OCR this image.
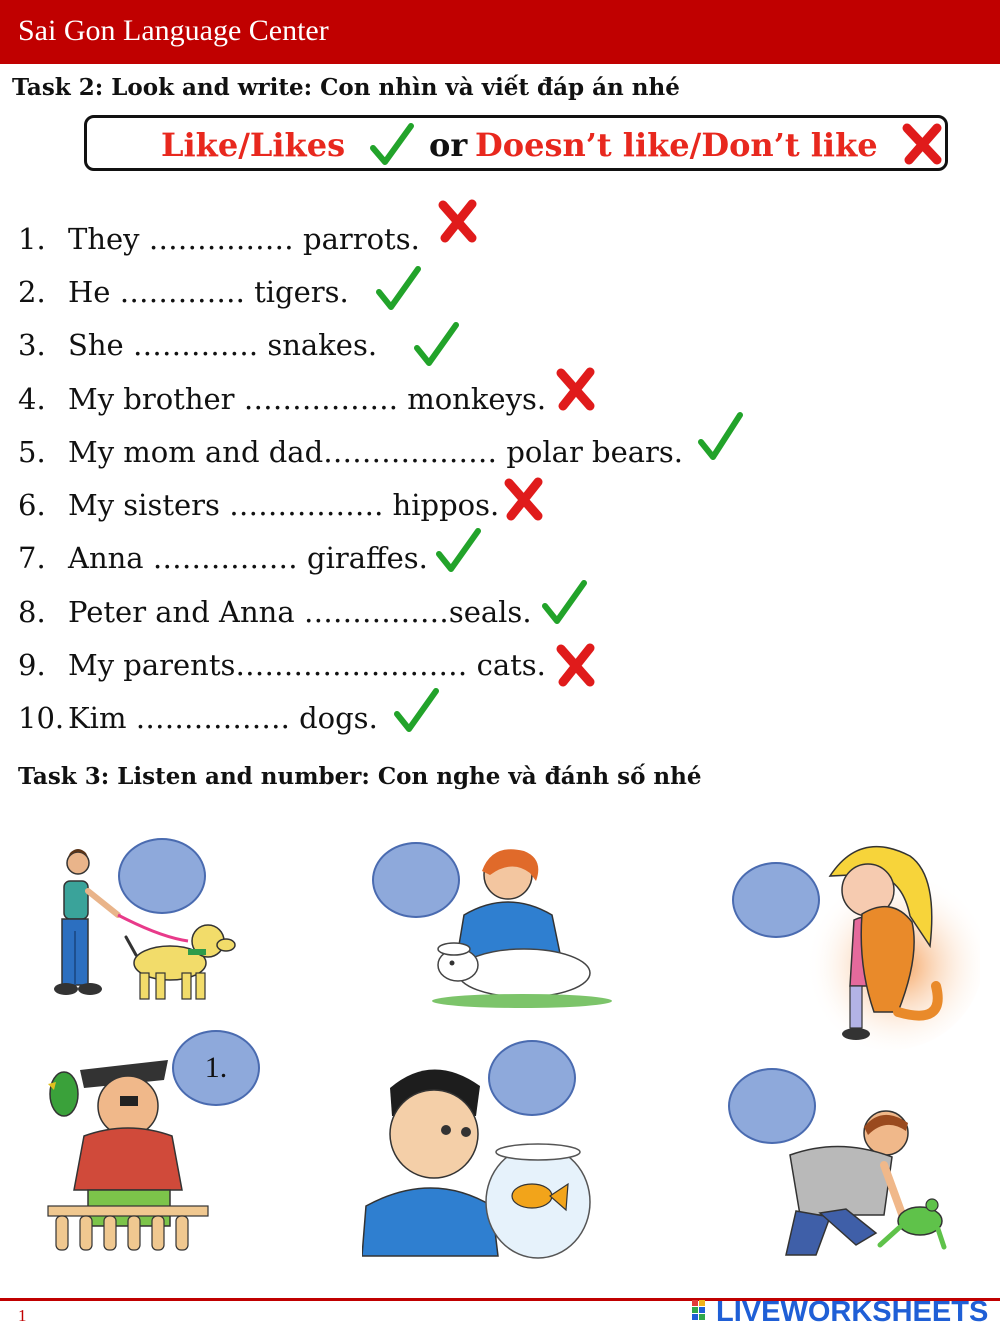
Sai Gon Language Center
Task 2: Look and write: Con nhìn và viết đáp án nhé
Like/Likes	or Doesn’t like/Don’t like
1. They …………… parrots.
2. He …………. tigers.
3. She …………. snakes.
4. My brother ……………. monkeys.
5. My mom and dad……………… polar bears.
6. My sisters ……………. hippos.
7. Anna …………… giraffes.
8. Peter and Anna ……………seals.
9. My parents…………………… cats.
10. Kim ……………. dogs.
Task 3: Listen and number: Con nghe và đánh số nhé
1.
1	LIVEWORKSHEETS
